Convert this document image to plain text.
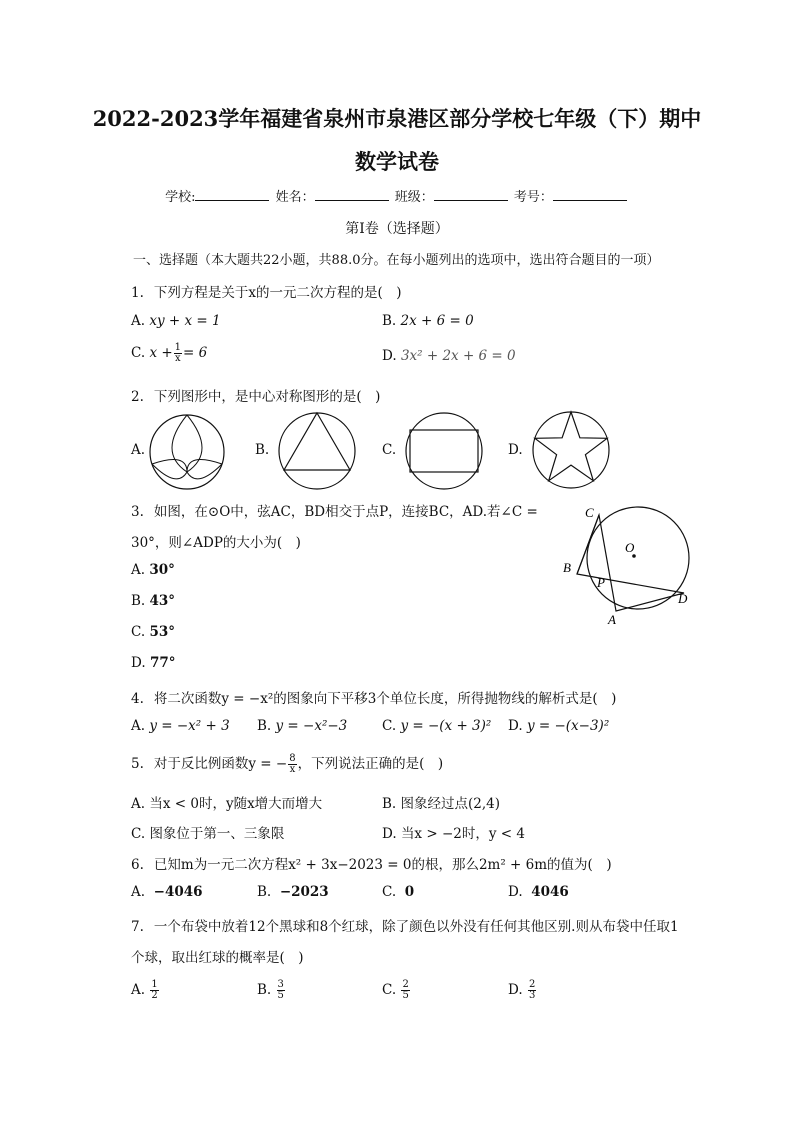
2022-2023学年福建省泉州市泉港区部分学校七年级（下）期中
数学试卷
学校:	姓名：	班级：	考号：
第I卷（选择题）
一、选择题（本大题共22小题，共88.0分。在每小题列出的选项中，选出符合题目的一项）
1. 下列方程是关于x的一元二次方程的是(　)
A. xy + x = 1	B. 2x + 6 = 0
C. $x + \frac{1}{x} = 6$	D. 3x² + 2x + 6 = 0
2. 下列图形中，是中心对称图形的是(　)
A.	B.	C.	D.
3. 如图，在⊙O中，弦AC，BD相交于点P，连接BC，AD.若∠C =
30°，则∠ADP的大小为(　)
A. 30°
B. 43°
C. 53°
D. 77°
C
O
B
P
D
A
4. 将二次函数y = −x²的图象向下平移3个单位长度，所得抛物线的解析式是(　)
A. y = −x² + 3 B. y = −x²−3	C. y = −(x + 3)² D. y = −(x−3)²
5. 对于反比例函数y = − $\frac{8}{x}$ ，下列说法正确的是(　)
A. 当x < 0时，y随x增大而增大	B. 图象经过点(2,4)
C. 图象位于第一、三象限	D. 当x > −2时，y < 4
6. 已知m为一元二次方程x² + 3x−2023 = 0的根，那么2m² + 6m的值为(　)
A. −4046	B. −2023	C. 0	D. 4046
7. 一个布袋中放着12个黑球和8个红球，除了颜色以外没有任何其他区别.则从布袋中任取1
个球，取出红球的概率是(　)
A. $\frac{1}{2}$	B. $\frac{3}{5}$	C. $\frac{2}{5}$	D. $\frac{2}{3}$
